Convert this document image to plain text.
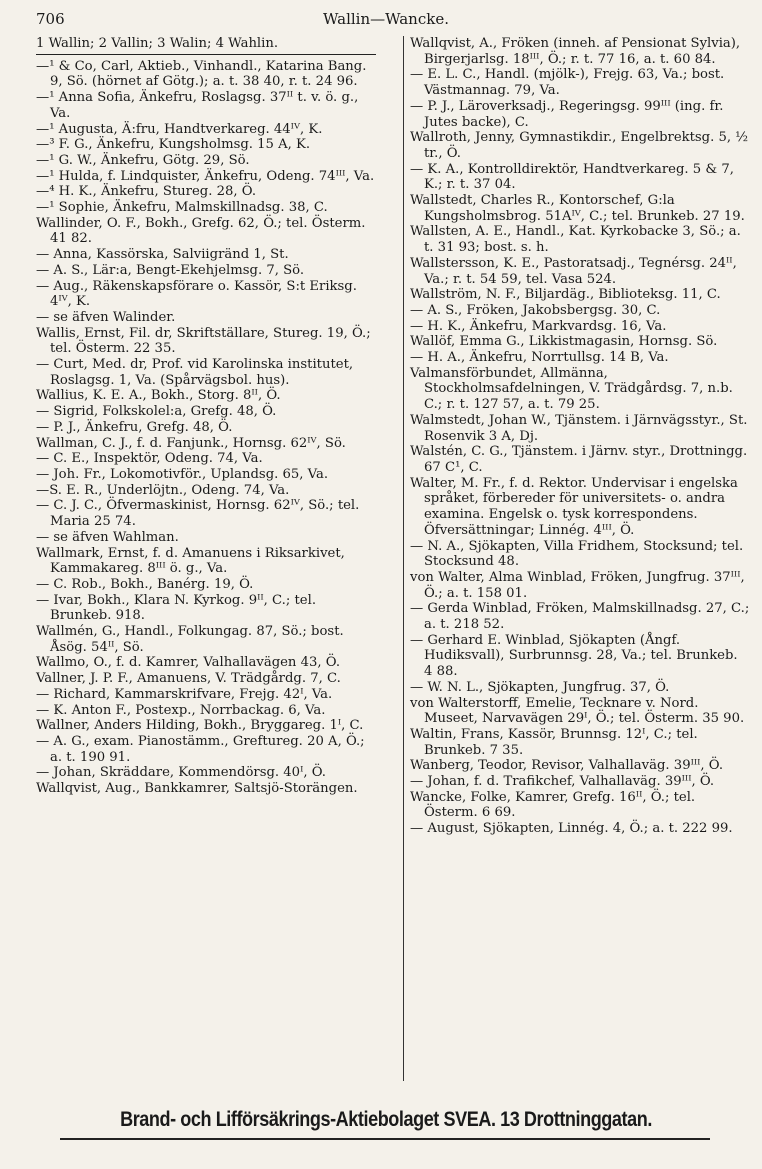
706	Wallin—Wancke.
1 Wallin; 2 Vallin; 3 Walin; 4 Wahlin.
—¹ & Co, Carl, Aktieb., Vinhandl., Katarina Bang. 9, Sö. (hörnet af Götg.); a. t. 38 40, r. t. 24 96.
—¹ Anna Sofia, Änkefru, Roslagsg. 37ᴵᴵ t. v. ö. g., Va.
—¹ Augusta, Ä:fru, Handtverkareg. 44ᴵⱽ, K.
—³ F. G., Änkefru, Kungsholmsg. 15 A, K.
—¹ G. W., Änkefru, Götg. 29, Sö.
—¹ Hulda, f. Lindquister, Änkefru, Odeng. 74ᴵᴵᴵ, Va.
—⁴ H. K., Änkefru, Stureg. 28, Ö.
—¹ Sophie, Änkefru, Malmskillnadsg. 38, C.
Wallinder, O. F., Bokh., Grefg. 62, Ö.; tel. Österm. 41 82.
— Anna, Kassörska, Salviigränd 1, St.
— A. S., Lär:a, Bengt-Ekehjelmsg. 7, Sö.
— Aug., Räkenskapsförare o. Kassör, S:t Eriksg. 4ᴵⱽ, K.
— se äfven Walinder.
Wallis, Ernst, Fil. dr, Skriftställare, Stureg. 19, Ö.; tel. Österm. 22 35.
— Curt, Med. dr, Prof. vid Karolinska institutet, Roslagsg. 1, Va. (Spårvägsbol. hus).
Wallius, K. E. A., Bokh., Storg. 8ᴵᴵ, Ö.
— Sigrid, Folkskolel:a, Grefg. 48, Ö.
— P. J., Änkefru, Grefg. 48, Ö.
Wallman, C. J., f. d. Fanjunk., Hornsg. 62ᴵⱽ, Sö.
— C. E., Inspektör, Odeng. 74, Va.
— Joh. Fr., Lokomotivför., Uplandsg. 65, Va.
—S. E. R., Underlöjtn., Odeng. 74, Va.
— C. J. C., Öfvermaskinist, Hornsg. 62ᴵⱽ, Sö.; tel. Maria 25 74.
— se äfven Wahlman.
Wallmark, Ernst, f. d. Amanuens i Riksarkivet, Kammakareg. 8ᴵᴵᴵ ö. g., Va.
— C. Rob., Bokh., Banérg. 19, Ö.
— Ivar, Bokh., Klara N. Kyrkog. 9ᴵᴵ, C.; tel. Brunkeb. 918.
Wallmén, G., Handl., Folkungag. 87, Sö.; bost. Åsög. 54ᴵᴵ, Sö.
Wallmo, O., f. d. Kamrer, Valhallavägen 43, Ö.
Vallner, J. P. F., Amanuens, V. Trädgårdg. 7, C.
— Richard, Kammarskrifvare, Frejg. 42ᴵ, Va.
— K. Anton F., Postexp., Norrbackag. 6, Va.
Wallner, Anders Hilding, Bokh., Bryggareg. 1ᴵ, C.
— A. G., exam. Pianostämm., Greftureg. 20 A, Ö.; a. t. 190 91.
— Johan, Skräddare, Kommendörsg. 40ᴵ, Ö.
Wallqvist, Aug., Bankkamrer, Saltsjö-Storängen.
Wallqvist, A., Fröken (inneh. af Pensionat Sylvia), Birgerjarlsg. 18ᴵᴵᴵ, Ö.; r. t. 77 16, a. t. 60 84.
— E. L. C., Handl. (mjölk-), Frejg. 63, Va.; bost. Västmannag. 79, Va.
— P. J., Läroverksadj., Regeringsg. 99ᴵᴵᴵ (ing. fr. Jutes backe), C.
Wallroth, Jenny, Gymnastikdir., Engelbrektsg. 5, ½ tr., Ö.
— K. A., Kontrolldirektör, Handtverkareg. 5 & 7, K.; r. t. 37 04.
Wallstedt, Charles R., Kontorschef, G:la Kungsholmsbrog. 51Aᴵⱽ, C.; tel. Brunkeb. 27 19.
Wallsten, A. E., Handl., Kat. Kyrkobacke 3, Sö.; a. t. 31 93; bost. s. h.
Wallstersson, K. E., Pastoratsadj., Tegnérsg. 24ᴵᴵ, Va.; r. t. 54 59, tel. Vasa 524.
Wallström, N. F., Biljardäg., Biblioteksg. 11, C.
— A. S., Fröken, Jakobsbergsg. 30, C.
— H. K., Änkefru, Markvardsg. 16, Va.
Wallöf, Emma G., Likkistmagasin, Hornsg. Sö.
— H. A., Änkefru, Norrtullsg. 14 B, Va.
Valmansförbundet, Allmänna, Stockholmsafdelningen, V. Trädgårdsg. 7, n.b. C.; r. t. 127 57, a. t. 79 25.
Walmstedt, Johan W., Tjänstem. i Järnvägsstyr., St. Rosenvik 3 A, Dj.
Walstén, C. G., Tjänstem. i Järnv. styr., Drottningg. 67 C¹, C.
Walter, M. Fr., f. d. Rektor. Undervisar i engelska språket, förbereder för universitets- o. andra examina. Engelsk o. tysk korrespondens. Öfversättningar; Linnég. 4ᴵᴵᴵ, Ö.
— N. A., Sjökapten, Villa Fridhem, Stocksund; tel. Stocksund 48.
von Walter, Alma Winblad, Fröken, Jungfrug. 37ᴵᴵᴵ, Ö.; a. t. 158 01.
— Gerda Winblad, Fröken, Malmskillnadsg. 27, C.; a. t. 218 52.
— Gerhard E. Winblad, Sjökapten (Ångf. Hudiksvall), Surbrunnsg. 28, Va.; tel. Brunkeb. 4 88.
— W. N. L., Sjökapten, Jungfrug. 37, Ö.
von Walterstorff, Emelie, Tecknare v. Nord. Museet, Narvavägen 29ᴵ, Ö.; tel. Österm. 35 90.
Waltin, Frans, Kassör, Brunnsg. 12ᴵ, C.; tel. Brunkeb. 7 35.
Wanberg, Teodor, Revisor, Valhallaväg. 39ᴵᴵᴵ, Ö.
— Johan, f. d. Trafikchef, Valhallaväg. 39ᴵᴵᴵ, Ö.
Wancke, Folke, Kamrer, Grefg. 16ᴵᴵ, Ö.; tel. Österm. 6 69.
— August, Sjökapten, Linnég. 4, Ö.; a. t. 222 99.
Brand- och Lifförsäkrings-Aktiebolaget SVEA. 13 Drottninggatan.
